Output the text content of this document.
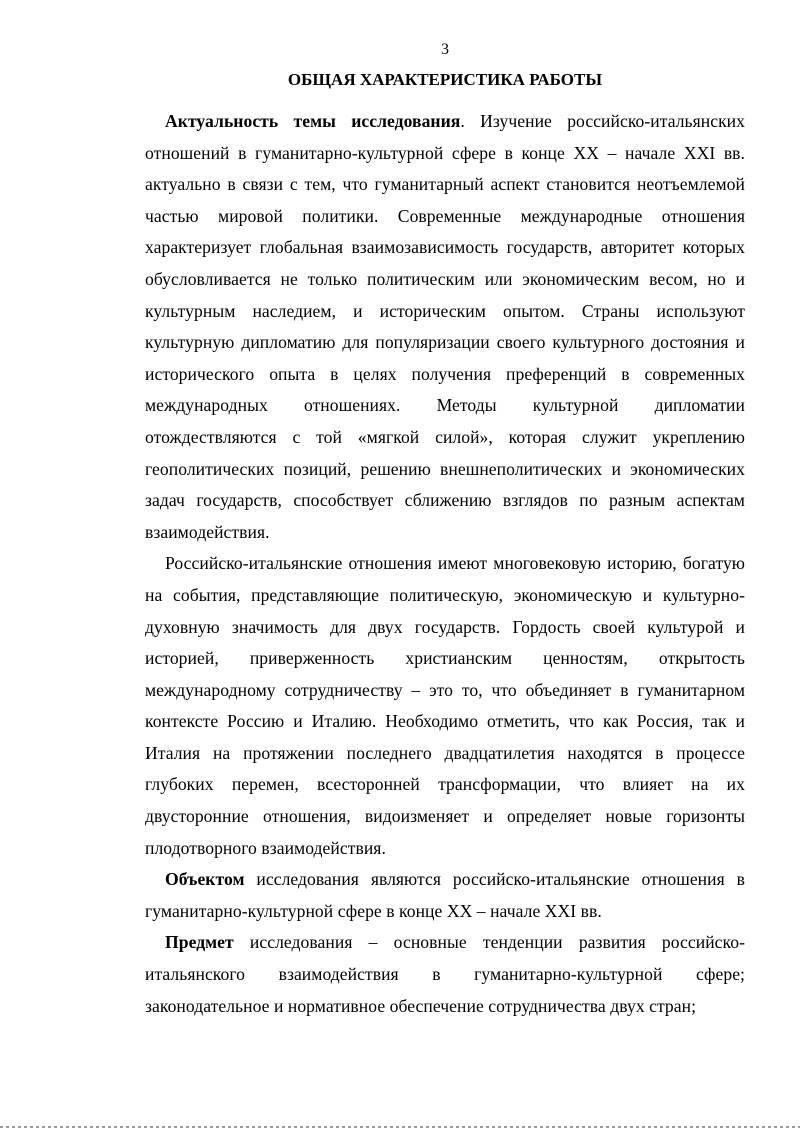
3
ОБЩАЯ ХАРАКТЕРИСТИКА РАБОТЫ

Актуальность темы исследования. Изучение российско-итальянских отношений в гуманитарно-культурной сфере в конце XX – начале XXI вв. актуально в связи с тем, что гуманитарный аспект становится неотъемлемой частью мировой политики. Современные международные отношения характеризует глобальная взаимозависимость государств, авторитет которых обусловливается не только политическим или экономическим весом, но и культурным наследием, и историческим опытом. Страны используют культурную дипломатию для популяризации своего культурного достояния и исторического опыта в целях получения преференций в современных международных отношениях. Методы культурной дипломатии отождествляются с той «мягкой силой», которая служит укреплению геополитических позиций, решению внешнеполитических и экономических задач государств, способствует сближению взглядов по разным аспектам взаимодействия.

Российско-итальянские отношения имеют многовековую историю, богатую на события, представляющие политическую, экономическую и культурно-духовную значимость для двух государств. Гордость своей культурой и историей, приверженность христианским ценностям, открытость международному сотрудничеству – это то, что объединяет в гуманитарном контексте Россию и Италию. Необходимо отметить, что как Россия, так и Италия на протяжении последнего двадцатилетия находятся в процессе глубоких перемен, всесторонней трансформации, что влияет на их двусторонние отношения, видоизменяет и определяет новые горизонты плодотворного взаимодействия.

Объектом исследования являются российско-итальянские отношения в гуманитарно-культурной сфере в конце XX – начале XXI вв.

Предмет исследования – основные тенденции развития российско-итальянского взаимодействия в гуманитарно-культурной сфере; законодательное и нормативное обеспечение сотрудничества двух стран;
